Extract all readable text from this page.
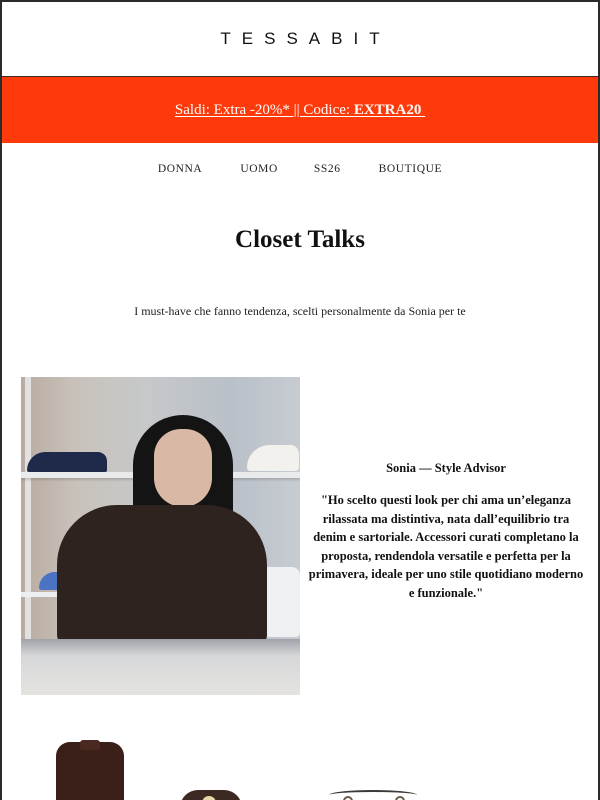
TESSABIT
Saldi: Extra -20%* || Codice: EXTRA20
DONNA	UOMO	SS26	BOUTIQUE
Closet Talks

I must-have che fanno tendenza, scelti personalmente da Sonia per te

Sonia — Style Advisor
"Ho scelto questi look per chi ama un’eleganza rilassata ma distintiva, nata dall’equilibrio tra denim e sartoriale. Accessori curati completano la proposta, rendendola versatile e perfetta per la primavera, ideale per uno stile quotidiano moderno e funzionale."
